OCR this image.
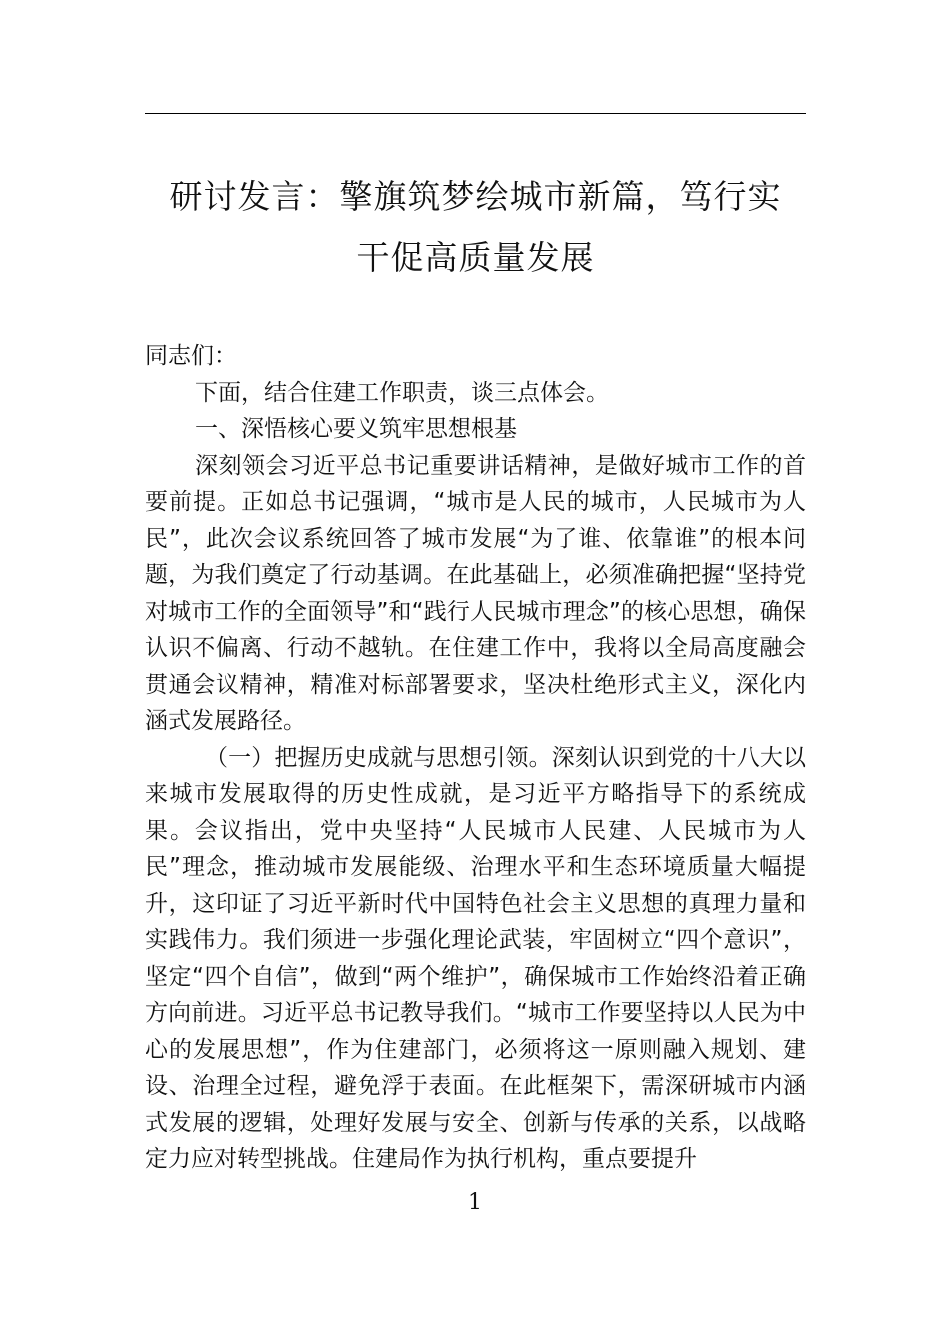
研讨发言：擎旗筑梦绘城市新篇，笃行实
干促高质量发展

同志们：

下面，结合住建工作职责，谈三点体会。

一、深悟核心要义筑牢思想根基

深刻领会习近平总书记重要讲话精神，是做好城市工作的首要前提。正如总书记强调，“城市是人民的城市，人民城市为人民”，此次会议系统回答了城市发展“为了谁、依靠谁”的根本问题，为我们奠定了行动基调。在此基础上，必须准确把握“坚持党对城市工作的全面领导”和“践行人民城市理念”的核心思想，确保认识不偏离、行动不越轨。在住建工作中，我将以全局高度融会贯通会议精神，精准对标部署要求，坚决杜绝形式主义，深化内涵式发展路径。

（一）把握历史成就与思想引领。深刻认识到党的十八大以来城市发展取得的历史性成就，是习近平方略指导下的系统成果。会议指出，党中央坚持“人民城市人民建、人民城市为人民”理念，推动城市发展能级、治理水平和生态环境质量大幅提升，这印证了习近平新时代中国特色社会主义思想的真理力量和实践伟力。我们须进一步强化理论武装，牢固树立“四个意识”，坚定“四个自信”，做到“两个维护”，确保城市工作始终沿着正确方向前进。习近平总书记教导我们。“城市工作要坚持以人民为中心的发展思想”，作为住建部门，必须将这一原则融入规划、建设、治理全过程，避免浮于表面。在此框架下，需深研城市内涵式发展的逻辑，处理好发展与安全、创新与传承的关系，以战略定力应对转型挑战。住建局作为执行机构，重点要提升

1
